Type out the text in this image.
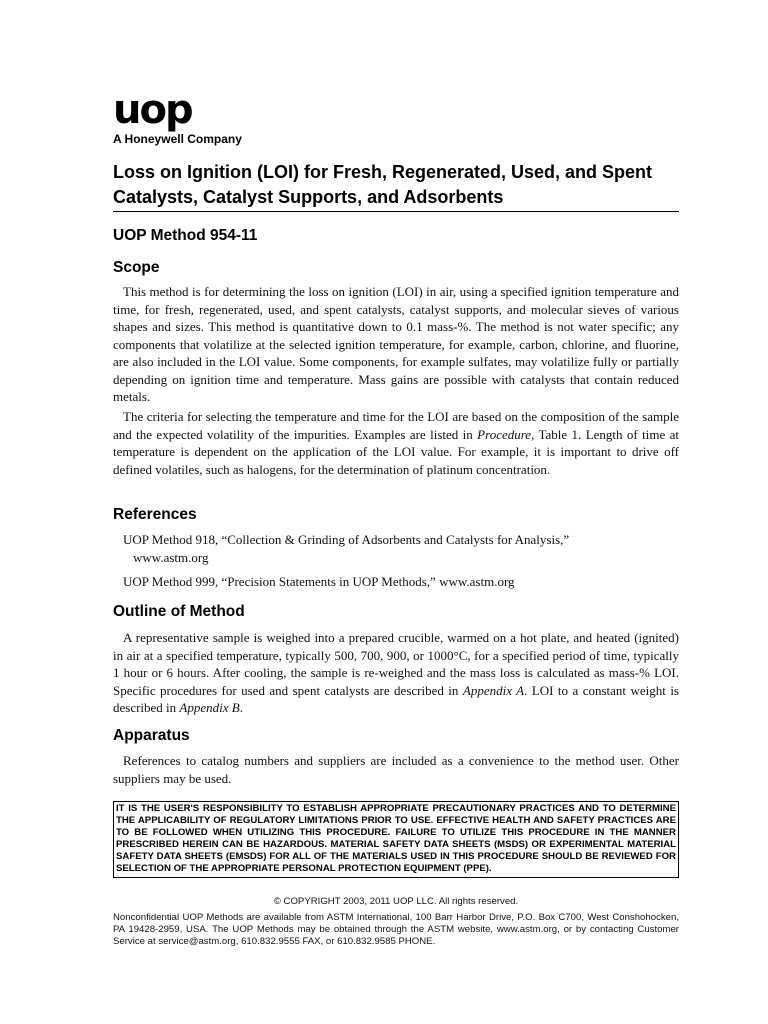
uop
A Honeywell Company
Loss on Ignition (LOI) for Fresh, Regenerated, Used, and Spent Catalysts, Catalyst Supports, and Adsorbents
UOP Method 954-11
Scope

This method is for determining the loss on ignition (LOI) in air, using a specified ignition temperature and time, for fresh, regenerated, used, and spent catalysts, catalyst supports, and molecular sieves of various shapes and sizes. This method is quantitative down to 0.1 mass-%. The method is not water specific; any components that volatilize at the selected ignition temperature, for example, carbon, chlorine, and fluorine, are also included in the LOI value. Some components, for example sulfates, may volatilize fully or partially depending on ignition time and temperature. Mass gains are possible with catalysts that contain reduced metals.

The criteria for selecting the temperature and time for the LOI are based on the composition of the sample and the expected volatility of the impurities. Examples are listed in Procedure, Table 1. Length of time at temperature is dependent on the application of the LOI value. For example, it is important to drive off defined volatiles, such as halogens, for the determination of platinum concentration.

References

UOP Method 918, “Collection & Grinding of Adsorbents and Catalysts for Analysis,”
www.astm.org

UOP Method 999, “Precision Statements in UOP Methods,” www.astm.org

Outline of Method

A representative sample is weighed into a prepared crucible, warmed on a hot plate, and heated (ignited) in air at a specified temperature, typically 500, 700, 900, or 1000°C, for a specified period of time, typically 1 hour or 6 hours. After cooling, the sample is re-weighed and the mass loss is calculated as mass-% LOI. Specific procedures for used and spent catalysts are described in Appendix A. LOI to a constant weight is described in Appendix B.

Apparatus

References to catalog numbers and suppliers are included as a convenience to the method user. Other suppliers may be used.

IT IS THE USER'S RESPONSIBILITY TO ESTABLISH APPROPRIATE PRECAUTIONARY PRACTICES AND TO DETERMINE THE APPLICABILITY OF REGULATORY LIMITATIONS PRIOR TO USE. EFFECTIVE HEALTH AND SAFETY PRACTICES ARE TO BE FOLLOWED WHEN UTILIZING THIS PROCEDURE. FAILURE TO UTILIZE THIS PROCEDURE IN THE MANNER PRESCRIBED HEREIN CAN BE HAZARDOUS. MATERIAL SAFETY DATA SHEETS (MSDS) OR EXPERIMENTAL MATERIAL SAFETY DATA SHEETS (EMSDS) FOR ALL OF THE MATERIALS USED IN THIS PROCEDURE SHOULD BE REVIEWED FOR SELECTION OF THE APPROPRIATE PERSONAL PROTECTION EQUIPMENT (PPE).
© COPYRIGHT 2003, 2011 UOP LLC. All rights reserved.
Nonconfidential UOP Methods are available from ASTM International, 100 Barr Harbor Drive, P.O. Box C700, West Conshohocken, PA 19428-2959, USA. The UOP Methods may be obtained through the ASTM website, www.astm.org, or by contacting Customer Service at service@astm.org, 610.832.9555 FAX, or 610.832.9585 PHONE.
